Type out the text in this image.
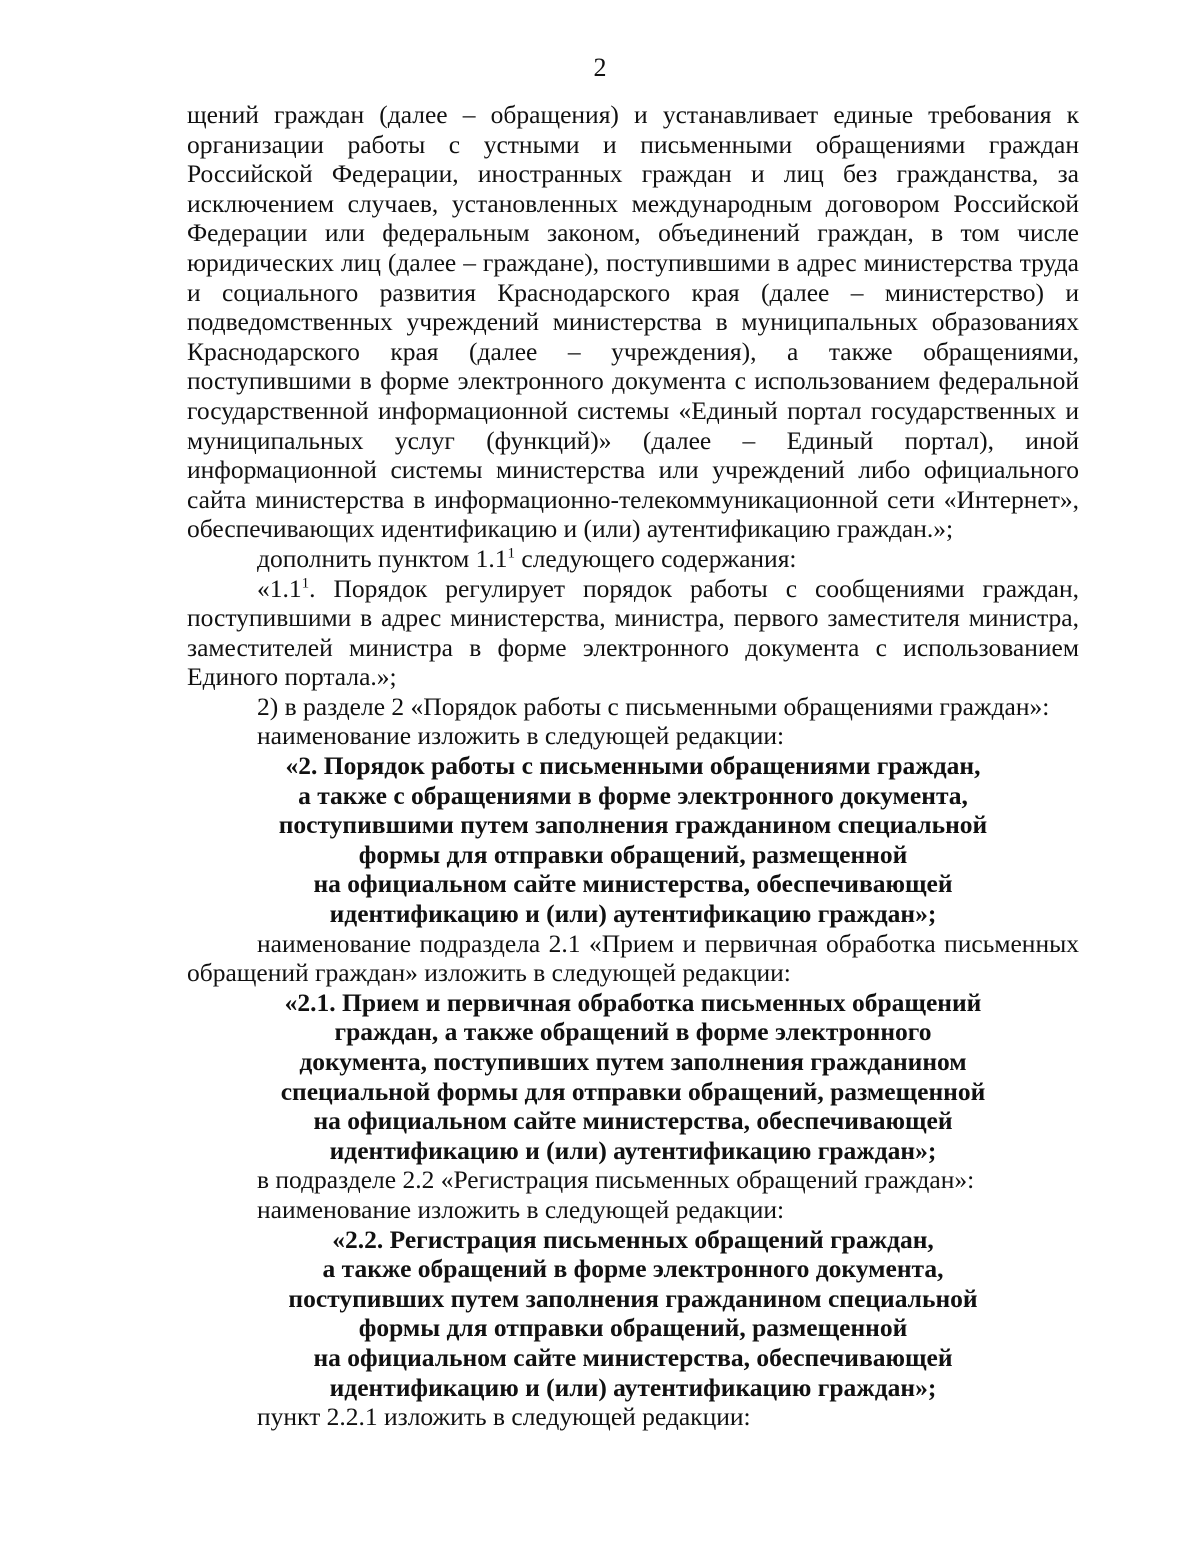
2

щений граждан (далее – обращения) и устанавливает единые требования к организации работы с устными и письменными обращениями граждан Российской Федерации, иностранных граждан и лиц без гражданства, за исключением случаев, установленных международным договором Российской Федерации или федеральным законом, объединений граждан, в том числе юридических лиц (далее – граждане), поступившими в адрес министерства труда и социального развития Краснодарского края (далее – министерство) и подведомственных учреждений министерства в муниципальных образованиях Краснодарского края (далее – учреждения), а также обращениями, поступившими в форме электронного документа с использованием федеральной государственной информационной системы «Единый портал государственных и муниципальных услуг (функций)» (далее – Единый портал), иной информационной системы министерства или учреждений либо официального сайта министерства в информационно-телекоммуникационной сети «Интернет», обеспечивающих идентификацию и (или) аутентификацию граждан.»;

дополнить пунктом $1.1^1$ следующего содержания:

«$1.1^1$. Порядок регулирует порядок работы с сообщениями граждан, поступившими в адрес министерства, министра, первого заместителя министра, заместителей министра в форме электронного документа с использованием Единого портала.»;

2) в разделе 2 «Порядок работы с письменными обращениями граждан»:

наименование изложить в следующей редакции:

«2. Порядок работы с письменными обращениями граждан,
а также с обращениями в форме электронного документа,
поступившими путем заполнения гражданином специальной
формы для отправки обращений, размещенной
на официальном сайте министерства, обеспечивающей
идентификацию и (или) аутентификацию граждан»;

наименование подраздела 2.1 «Прием и первичная обработка письменных обращений граждан» изложить в следующей редакции:

«2.1. Прием и первичная обработка письменных обращений
граждан, а также обращений в форме электронного
документа, поступивших путем заполнения гражданином
специальной формы для отправки обращений, размещенной
на официальном сайте министерства, обеспечивающей
идентификацию и (или) аутентификацию граждан»;

в подразделе 2.2 «Регистрация письменных обращений граждан»:

наименование изложить в следующей редакции:

«2.2. Регистрация письменных обращений граждан,
а также обращений в форме электронного документа,
поступивших путем заполнения гражданином специальной
формы для отправки обращений, размещенной
на официальном сайте министерства, обеспечивающей
идентификацию и (или) аутентификацию граждан»;

пункт 2.2.1 изложить в следующей редакции:
